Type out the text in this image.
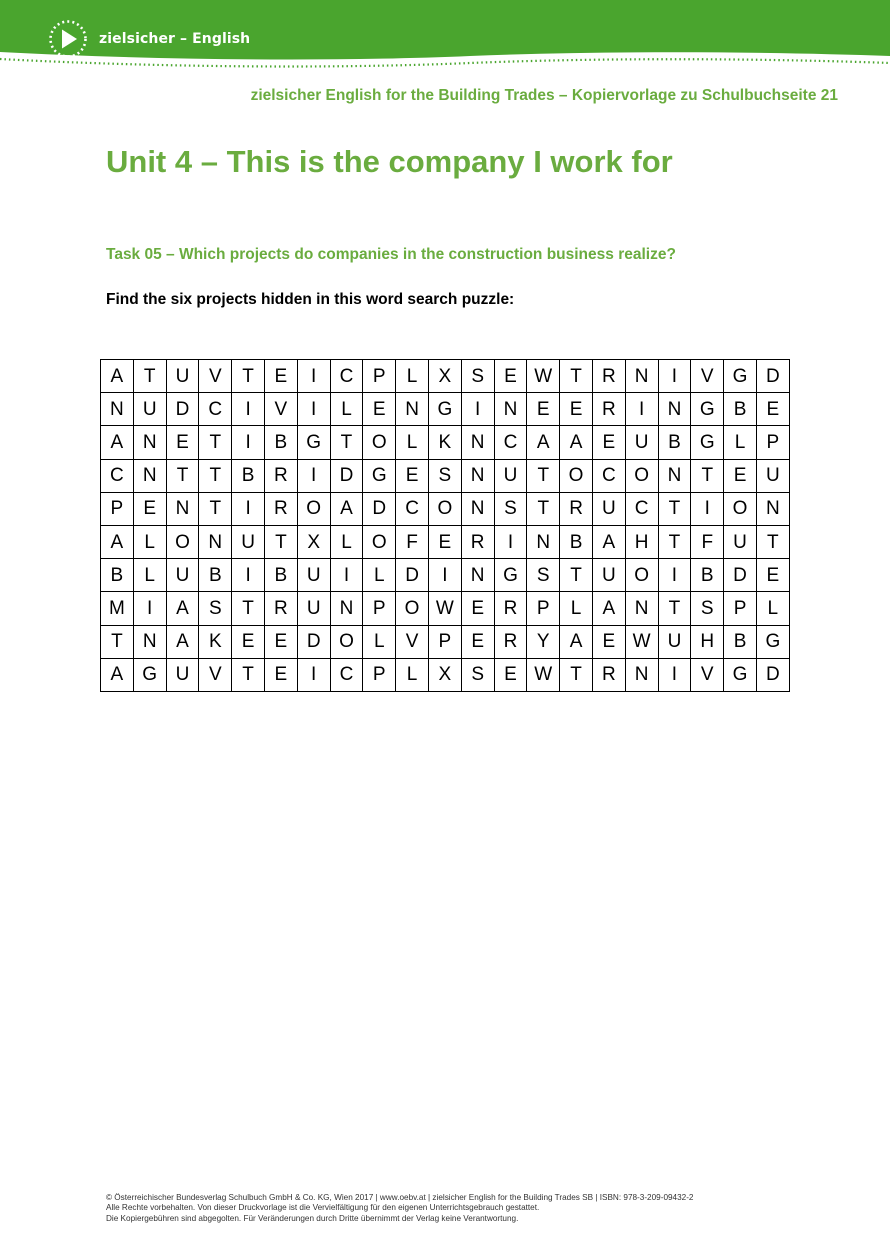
zielsicher – English
zielsicher English for the Building Trades – Kopiervorlage zu Schulbuchseite 21
Unit 4 – This is the company I work for
Task 05 – Which projects do companies in the construction business realize?
Find the six projects hidden in this word search puzzle:
A	T	U	V	T	E	I	C	P	L	X	S	E	W	T	R	N	I	V	G	D
N	U	D	C	I	V	I	L	E	N	G	I	N	E	E	R	I	N	G	B	E
A	N	E	T	I	B	G	T	O	L	K	N	C	A	A	E	U	B	G	L	P
C	N	T	T	B	R	I	D	G	E	S	N	U	T	O	C	O	N	T	E	U
P	E	N	T	I	R	O	A	D	C	O	N	S	T	R	U	C	T	I	O	N
A	L	O	N	U	T	X	L	O	F	E	R	I	N	B	A	H	T	F	U	T
B	L	U	B	I	B	U	I	L	D	I	N	G	S	T	U	O	I	B	D	E
M	I	A	S	T	R	U	N	P	O	W	E	R	P	L	A	N	T	S	P	L
T	N	A	K	E	E	D	O	L	V	P	E	R	Y	A	E	W	U	H	B	G
A	G	U	V	T	E	I	C	P	L	X	S	E	W	T	R	N	I	V	G	D
© Österreichischer Bundesverlag Schulbuch GmbH & Co. KG, Wien 2017 | www.oebv.at | zielsicher English for the Building Trades SB | ISBN: 978-3-209-09432-2
Alle Rechte vorbehalten. Von dieser Druckvorlage ist die Vervielfältigung für den eigenen Unterrichtsgebrauch gestattet.
Die Kopiergebühren sind abgegolten. Für Veränderungen durch Dritte übernimmt der Verlag keine Verantwortung.
